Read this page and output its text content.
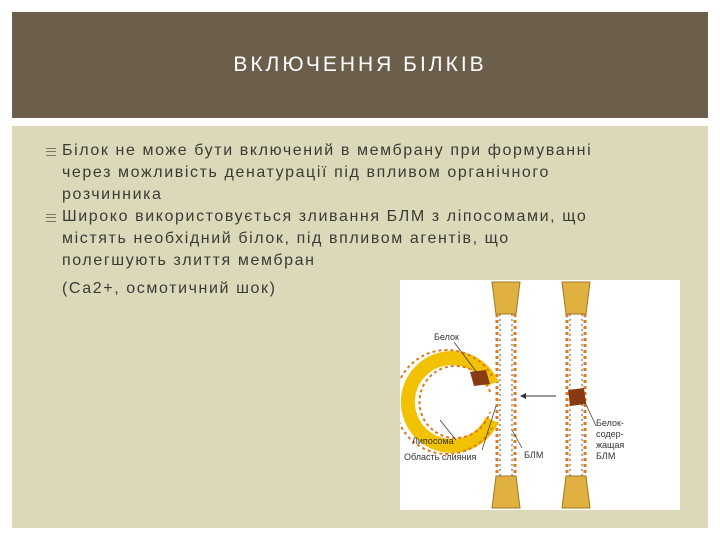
ВКЛЮЧЕННЯ БІЛКІВ
Білок не може бути включений в мембрану при формуванні
через можливість денатурації під впливом органічного
розчинника
Широко використовується зливання БЛМ з ліпосомами, що
містять необхідний білок, під впливом агентів, що
полегшують злиття мембран
(Са2+, осмотичний шок)
Белок
Липосома
Область слияния	БЛМ
Белок-
содер-
жащая
БЛМ
